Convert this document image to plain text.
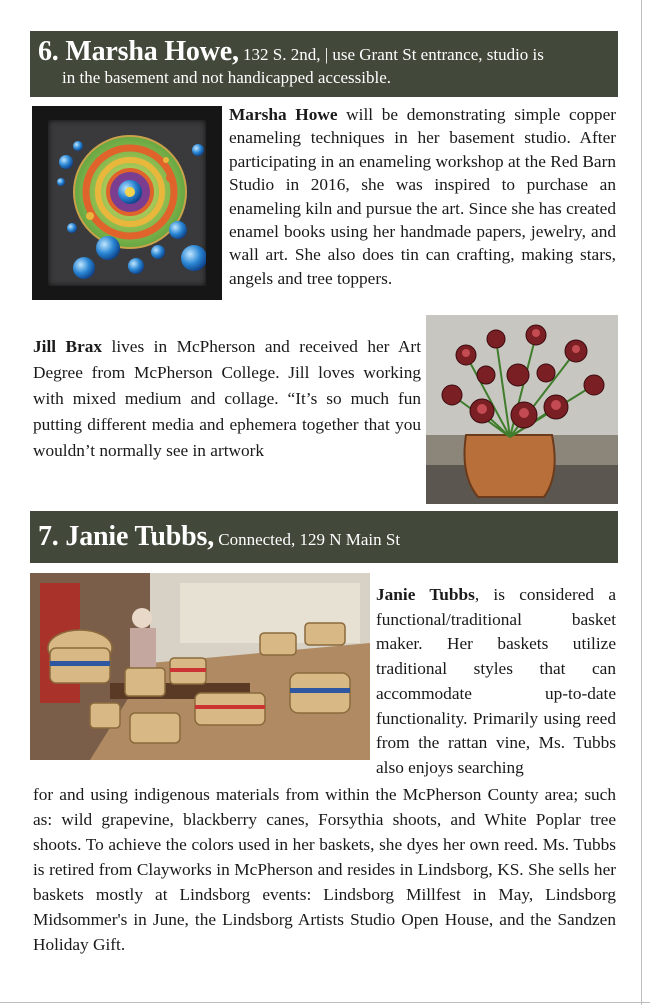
6. Marsha Howe, 132 S. 2nd, | use Grant St entrance, studio is
in the basement and not handicapped accessible.

Marsha Howe will be demonstrating simple copper enameling techniques in her basement studio. After participating in an enameling workshop at the Red Barn Studio in 2016, she was inspired to purchase an enameling kiln and pursue the art. Since she has created enamel books using her handmade papers, jewelry, and wall art. She also does tin can crafting, making stars, angels and tree toppers.

Jill Brax lives in McPherson and received her Art Degree from McPherson College. Jill loves working with mixed medium and collage. “It’s so much fun putting different media and ephemera together that you wouldn’t normally see in artwork

7. Janie Tubbs, Connected, 129 N Main St

Janie Tubbs, is considered a functional/traditional basket maker. Her baskets utilize traditional styles that can accommodate up-to-date functionality. Primarily using reed from the rattan vine, Ms. Tubbs also enjoys searching

for and using indigenous materials from within the McPherson County area; such as: wild grapevine, blackberry canes, Forsythia shoots, and White Poplar tree shoots. To achieve the colors used in her baskets, she dyes her own reed. Ms. Tubbs is retired from Clayworks in McPherson and resides in Lindsborg, KS. She sells her baskets mostly at Lindsborg events: Lindsborg Millfest in May, Lindsborg Midsommer's in June, the Lindsborg Artists Studio Open House, and the Sandzen Holiday Gift.
